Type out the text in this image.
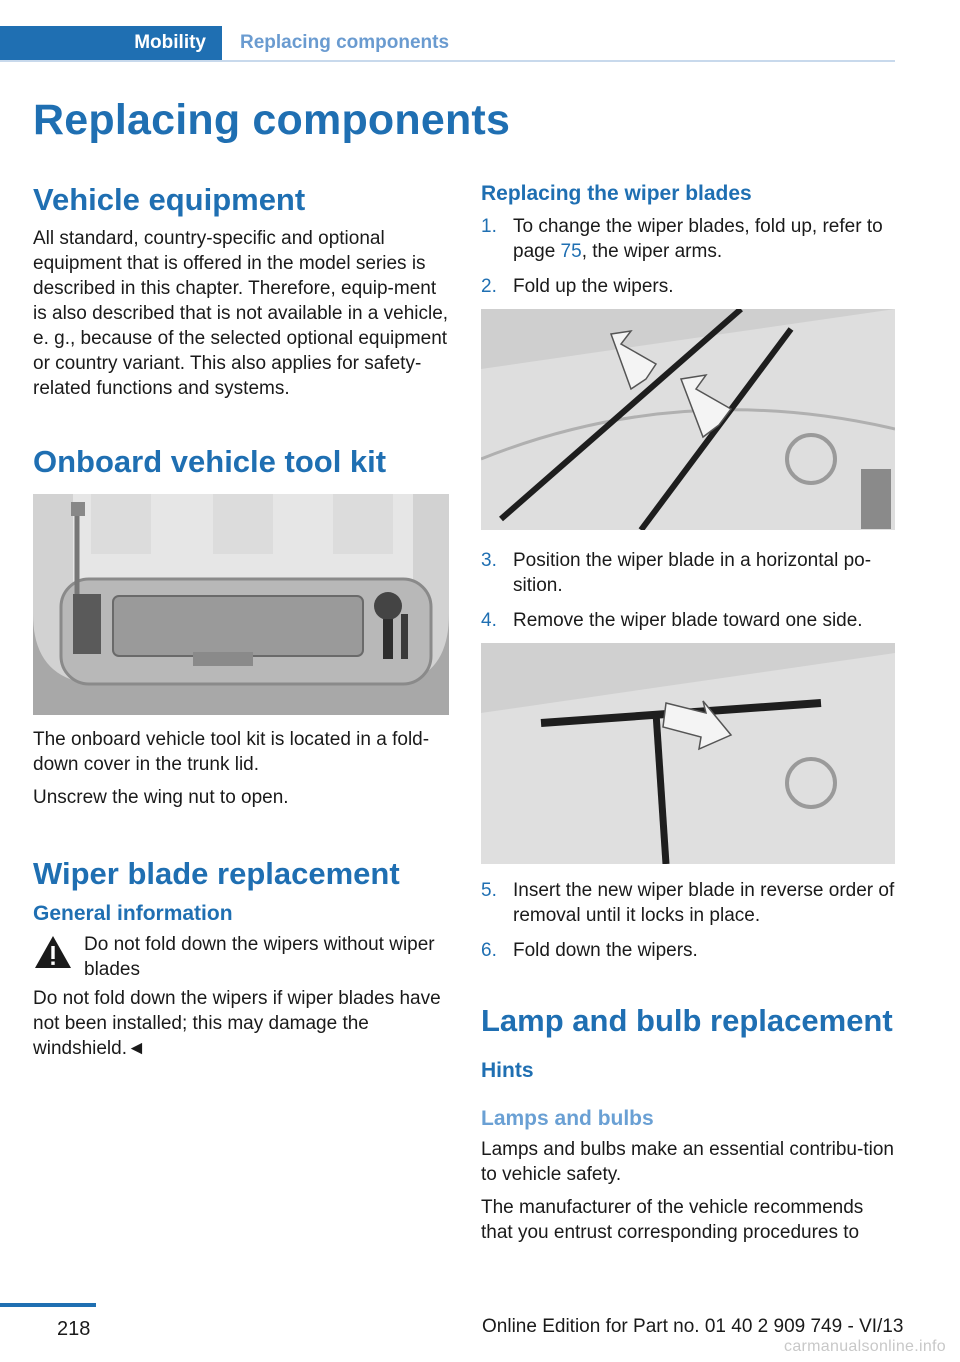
Mobility	Replacing components
Replacing components
Vehicle equipment

All standard, country-specific and optional equipment that is offered in the model series is described in this chapter. Therefore, equip-ment is also described that is not available in a vehicle, e. g., because of the selected optional equipment or country variant. This also applies for safety-related functions and systems.

Onboard vehicle tool kit

The onboard vehicle tool kit is located in a fold-down cover in the trunk lid.

Unscrew the wing nut to open.

Wiper blade replacement
General information

Do not fold down the wipers without wiper blades

Do not fold down the wipers if wiper blades have not been installed; this may damage the windshield.◄

Replacing the wiper blades
1. To change the wiper blades, fold up, refer to page 75, the wiper arms.
2. Fold up the wipers.
3. Position the wiper blade in a horizontal po-sition.
4. Remove the wiper blade toward one side.
5. Insert the new wiper blade in reverse order of removal until it locks in place.
6. Fold down the wipers.
Lamp and bulb replacement
Hints
Lamps and bulbs

Lamps and bulbs make an essential contribu-tion to vehicle safety.

The manufacturer of the vehicle recommends that you entrust corresponding procedures to

218	Online Edition for Part no. 01 40 2 909 749 - VI/13
carmanualsonline.info
